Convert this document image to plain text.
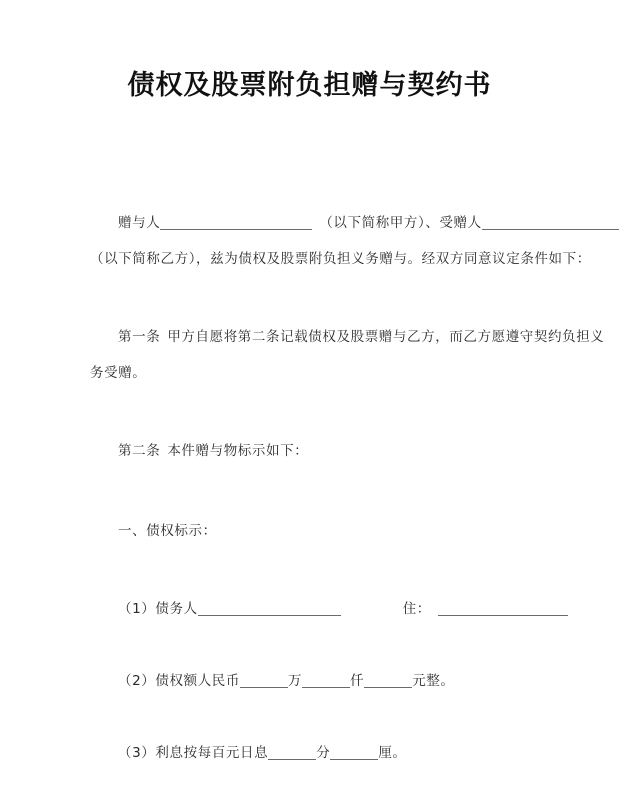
债权及股票附负担赠与契约书
赠与人	（以下简称甲方）、受赠人
（以下简称乙方），兹为债权及股票附负担义务赠与。经双方同意议定条件如下：
第一条 甲方自愿将第二条记载债权及股票赠与乙方，而乙方愿遵守契约负担义
务受赠。
第二条 本件赠与物标示如下：
一、债权标示：
（1）债务人	住：
（2）债权额人民币	万	仟	元整。
（3）利息按每百元日息	分	厘。
